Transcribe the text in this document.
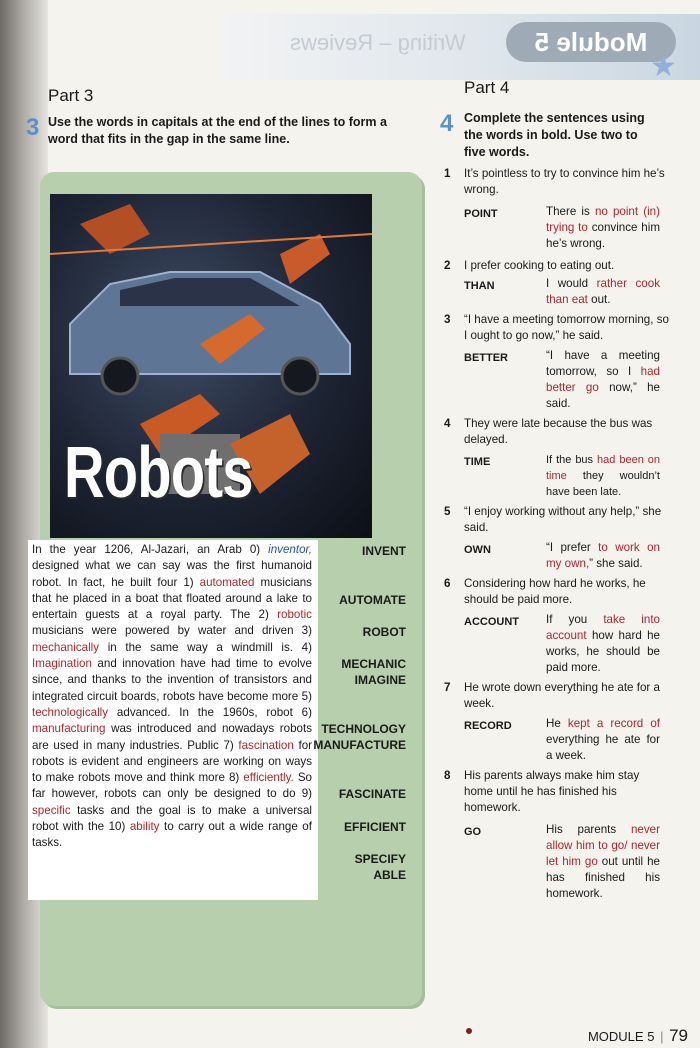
Writing – Reviews	Module 5
★
Part 3
3 Use the words in capitals at the end of the lines to form a word that fits in the gap in the same line.
Robots
In the year 1206, Al-Jazari, an Arab 0) inventor, designed what we can say was the first humanoid robot. In fact, he built four 1) automated musicians that he placed in a boat that floated around a lake to entertain guests at a royal party. The 2) robotic musicians were powered by water and driven 3) mechanically in the same way a windmill is. 4) Imagination and innovation have had time to evolve since, and thanks to the invention of transistors and integrated circuit boards, robots have become more 5) technologically advanced. In the 1960s, robot 6) manufacturing was introduced and nowadays robots are used in many industries. Public 7) fascination for robots is evident and engineers are working on ways to make robots move and think more 8) efficiently. So far however, robots can only be designed to do 9) specific tasks and the goal is to make a universal robot with the 10) ability to carry out a wide range of tasks.
INVENT
AUTOMATE
ROBOT
MECHANIC
IMAGINE
TECHNOLOGY
MANUFACTURE
FASCINATE
EFFICIENT
SPECIFY
ABLE
Part 4
4 Complete the sentences using the words in bold. Use two to five words.
1	It’s pointless to try to convince him he’s wrong.
POINT	There is no point (in) trying to convince him he’s wrong.
2	I prefer cooking to eating out.
THAN	I would rather cook than eat out.
3	“I have a meeting tomorrow morning, so I ought to go now,” he said.
BETTER	“I have a meeting tomorrow, so I had better go now,” he said.
4	They were late because the bus was delayed.
TIME	If the bus had been on time they wouldn’t have been late.
5	“I enjoy working without any help,” she said.
OWN	“I prefer to work on my own,” she said.
6	Considering how hard he works, he should be paid more.
ACCOUNT If you take into account how hard he works, he should be paid more.
7	He wrote down everything he ate for a week.
RECORD	He kept a record of everything he ate for a week.
8	His parents always make him stay home until he has finished his homework.
GO	His parents never allow him to go/ never let him go out until he has finished his homework.
MODULE 5 | 79
